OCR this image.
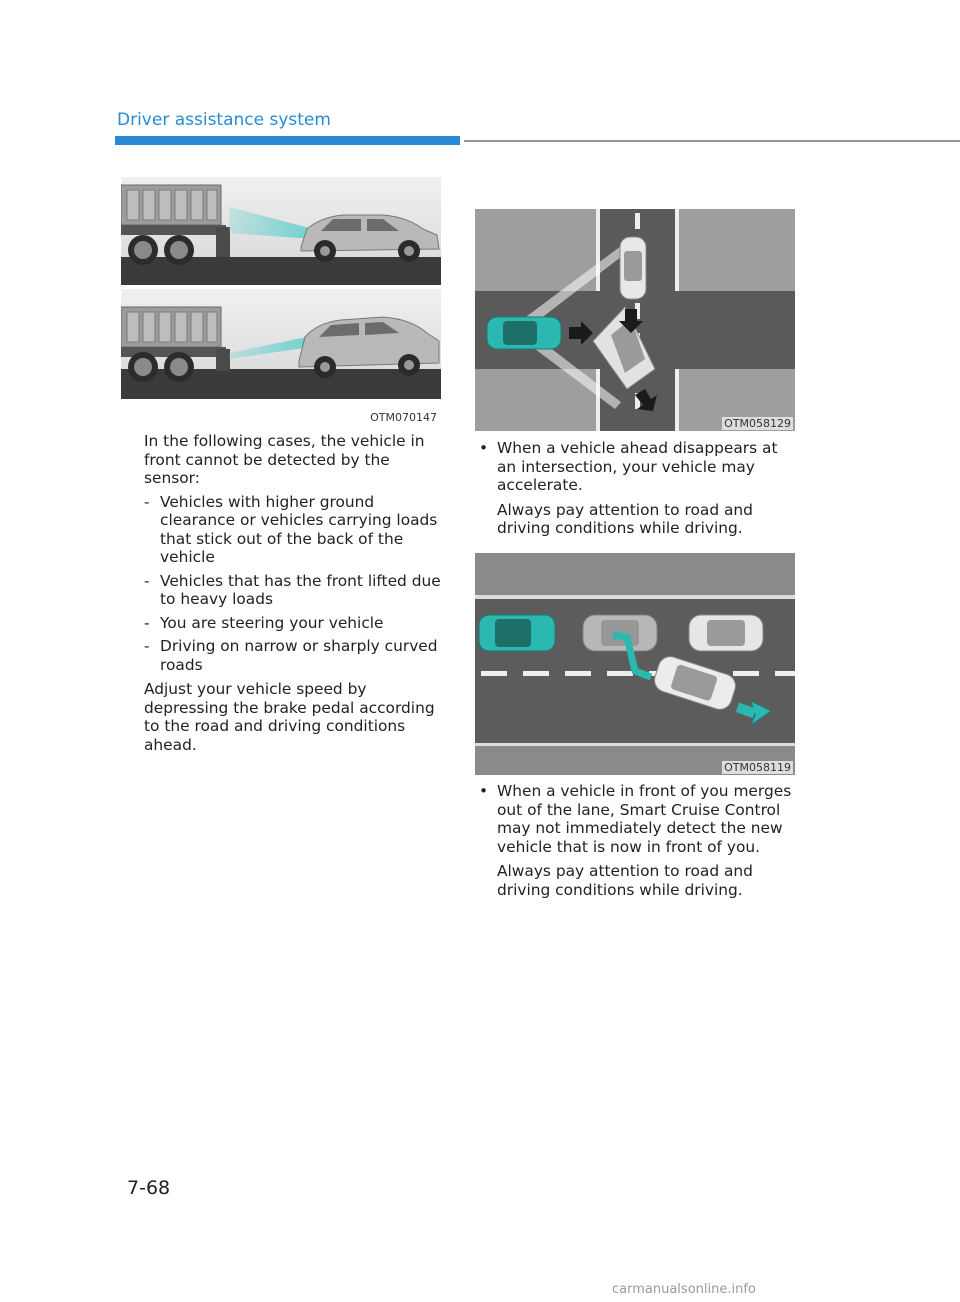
Driver assistance system
OTM070147	OTM058129
OTM058119

In the following cases, the vehicle in front cannot be detected by the sensor:

- Vehicles with higher ground clearance or vehicles carrying loads that stick out of the back of the vehicle
- Vehicles that has the front lifted due to heavy loads
- You are steering your vehicle
- Driving on narrow or sharply curved roads

Adjust your vehicle speed by depressing the brake pedal according to the road and driving conditions ahead.

• When a vehicle ahead disappears at an intersection, your vehicle may accelerate.

Always pay attention to road and driving conditions while driving.

• When a vehicle in front of you merges out of the lane, Smart Cruise Control may not immediately detect the new vehicle that is now in front of you.

Always pay attention to road and driving conditions while driving.

7-68
carmanualsonline.info
